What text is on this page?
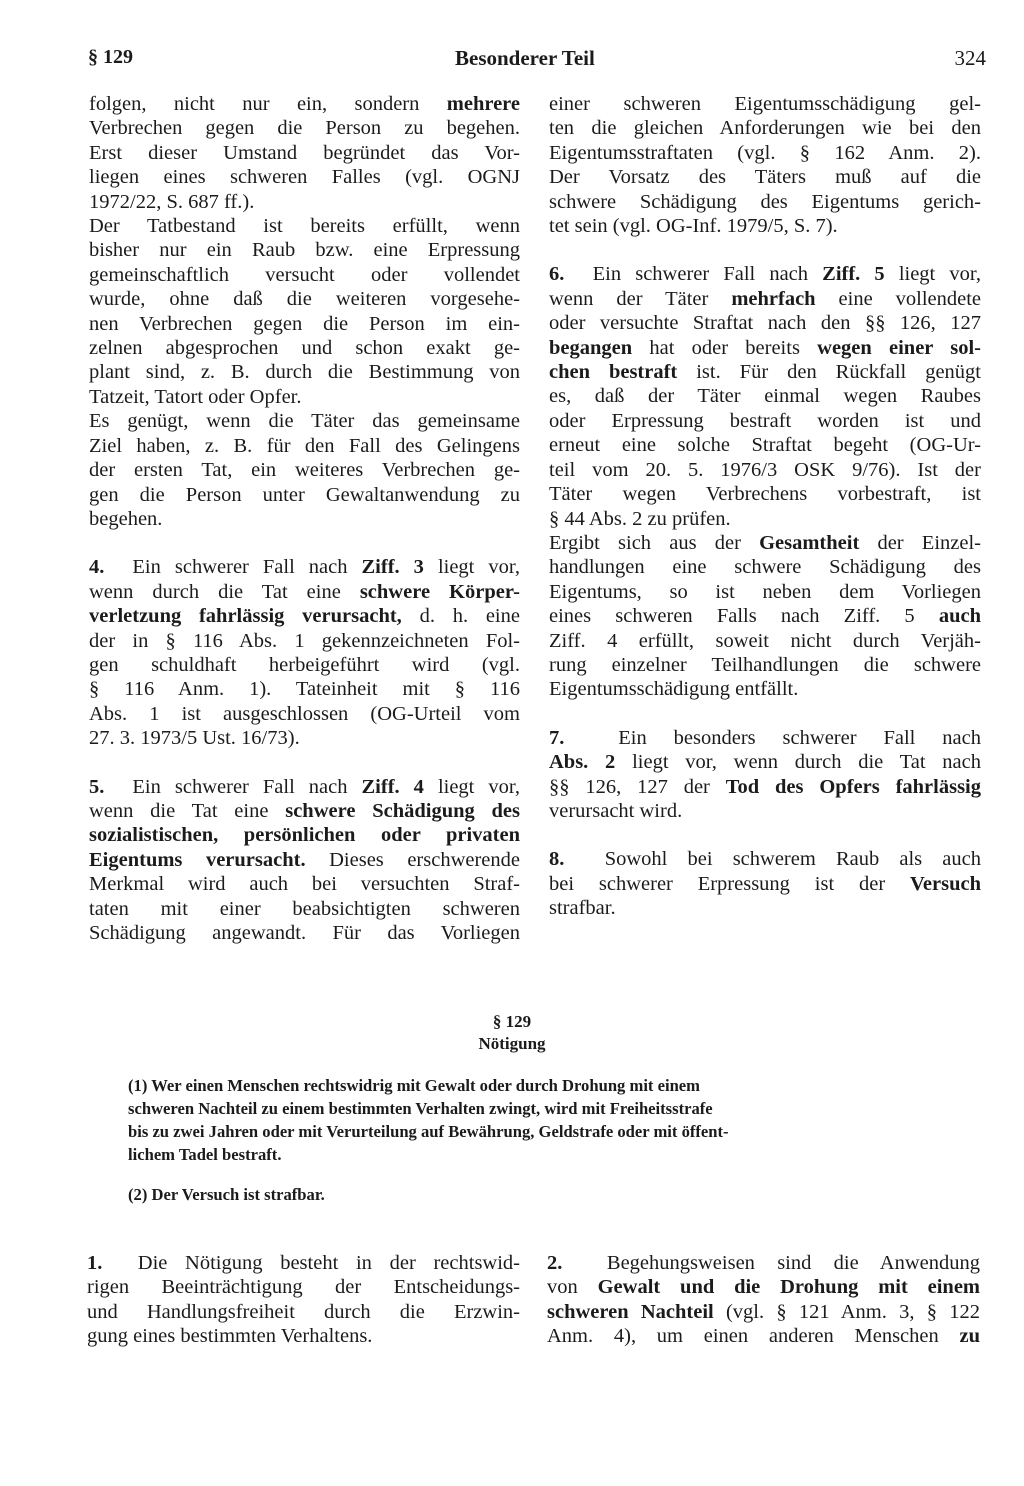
§ 129	Besonderer Teil	324

folgen, nicht nur ein, sondern mehrere

Verbrechen gegen die Person zu begehen.

Erst dieser Umstand begründet das Vor-

liegen eines schweren Falles (vgl. OGNJ

1972/22, S. 687 ff.).

Der Tatbestand ist bereits erfüllt, wenn

bisher nur ein Raub bzw. eine Erpressung

gemeinschaftlich versucht oder vollendet

wurde, ohne daß die weiteren vorgesehe-

nen Verbrechen gegen die Person im ein-

zelnen abgesprochen und schon exakt ge-

plant sind, z. B. durch die Bestimmung von

Tatzeit, Tatort oder Opfer.

Es genügt, wenn die Täter das gemeinsame

Ziel haben, z. B. für den Fall des Gelingens

der ersten Tat, ein weiteres Verbrechen ge-

gen die Person unter Gewaltanwendung zu

begehen.

4. Ein schwerer Fall nach Ziff. 3 liegt vor,

wenn durch die Tat eine schwere Körper-

verletzung fahrlässig verursacht, d. h. eine

der in § 116 Abs. 1 gekennzeichneten Fol-

gen schuldhaft herbeigeführt wird (vgl.

§ 116 Anm. 1). Tateinheit mit § 116

Abs. 1 ist ausgeschlossen (OG-Urteil vom

27. 3. 1973/5 Ust. 16/73).

5. Ein schwerer Fall nach Ziff. 4 liegt vor,

wenn die Tat eine schwere Schädigung des

sozialistischen, persönlichen oder privaten

Eigentums verursacht. Dieses erschwerende

Merkmal wird auch bei versuchten Straf-

taten mit einer beabsichtigten schweren

Schädigung angewandt. Für das Vorliegen

einer schweren Eigentumsschädigung gel-

ten die gleichen Anforderungen wie bei den

Eigentumsstraftaten (vgl. § 162 Anm. 2).

Der Vorsatz des Täters muß auf die

schwere Schädigung des Eigentums gerich-

tet sein (vgl. OG-Inf. 1979/5, S. 7).

6. Ein schwerer Fall nach Ziff. 5 liegt vor,

wenn der Täter mehrfach eine vollendete

oder versuchte Straftat nach den §§ 126, 127

begangen hat oder bereits wegen einer sol-

chen bestraft ist. Für den Rückfall genügt

es, daß der Täter einmal wegen Raubes

oder Erpressung bestraft worden ist und

erneut eine solche Straftat begeht (OG-Ur-

teil vom 20. 5. 1976/3 OSK 9/76). Ist der

Täter wegen Verbrechens vorbestraft, ist

§ 44 Abs. 2 zu prüfen.

Ergibt sich aus der Gesamtheit der Einzel-

handlungen eine schwere Schädigung des

Eigentums, so ist neben dem Vorliegen

eines schweren Falls nach Ziff. 5 auch

Ziff. 4 erfüllt, soweit nicht durch Verjäh-

rung einzelner Teilhandlungen die schwere

Eigentumsschädigung entfällt.

7.	Ein besonders schwerer Fall nach

Abs. 2 liegt vor, wenn durch die Tat nach

§§ 126, 127 der Tod des Opfers fahrlässig

verursacht wird.

8. Sowohl bei schwerem Raub als auch

bei schwerer Erpressung ist der Versuch

strafbar.

§ 129
Nötigung

(1) Wer einen Menschen rechtswidrig mit Gewalt oder durch Drohung mit einem

schweren Nachteil zu einem bestimmten Verhalten zwingt, wird mit Freiheitsstrafe

bis zu zwei Jahren oder mit Verurteilung auf Bewährung, Geldstrafe oder mit öffent-

lichem Tadel bestraft.

(2) Der Versuch ist strafbar.

1. Die Nötigung besteht in der rechtswid-

rigen Beeinträchtigung der Entscheidungs-

und Handlungsfreiheit durch die Erzwin-

gung eines bestimmten Verhaltens.

2. Begehungsweisen sind die Anwendung

von Gewalt und die Drohung mit einem

schweren Nachteil (vgl. § 121 Anm. 3, § 122

Anm. 4), um einen anderen Menschen zu
